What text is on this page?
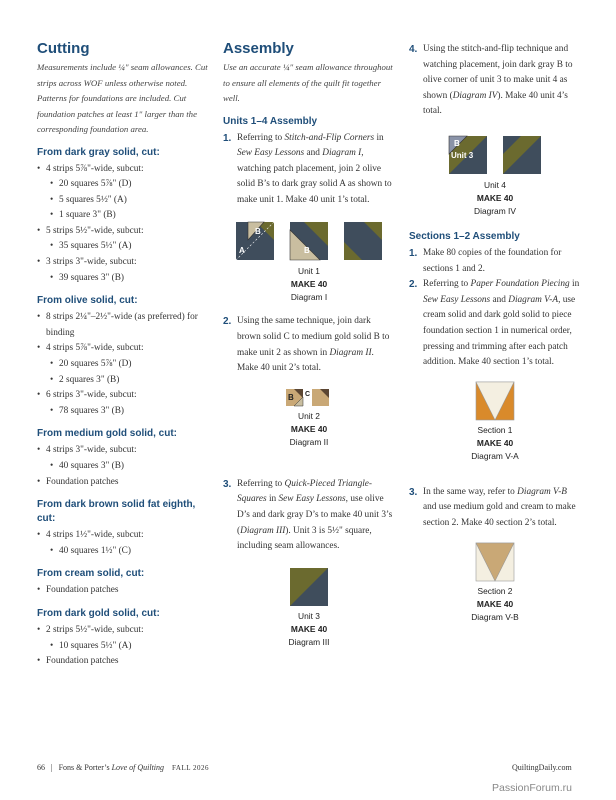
Cutting

Measurements include ¼" seam allowances. Cut strips across WOF unless otherwise noted. Patterns for foundations are included. Cut foundation patches at least 1" larger than the corresponding foundation area.

From dark gray solid, cut:
• 4 strips 5⅞"-wide, subcut:
• 20 squares 5⅞" (D)
• 5 squares 5½" (A)
• 1 square 3" (B)
• 5 strips 5½"-wide, subcut:
• 35 squares 5½" (A)
• 3 strips 3"-wide, subcut:
• 39 squares 3" (B)
From olive solid, cut:
• 8 strips 2¼"–2½"-wide (as preferred) for binding
• 4 strips 5⅞"-wide, subcut:
• 20 squares 5⅞" (D)
• 2 squares 3" (B)
• 6 strips 3"-wide, subcut:
• 78 squares 3" (B)
From medium gold solid, cut:
• 4 strips 3"-wide, subcut:
• 40 squares 3" (B)
• Foundation patches
From dark brown solid fat eighth, cut:
• 4 strips 1½"-wide, subcut:
• 40 squares 1½" (C)
From cream solid, cut:
• Foundation patches
From dark gold solid, cut:
• 2 strips 5½"-wide, subcut:
• 10 squares 5½" (A)
• Foundation patches
Assembly

Use an accurate ¼" seam allowance throughout to ensure all elements of the quilt fit together well.

Units 1–4 Assembly
1. Referring to Stitch-and-Flip Corners in Sew Easy Lessons and Diagram I, watching patch placement, join 2 olive solid B’s to dark gray solid A as shown to make unit 1. Make 40 unit 1’s total.
B
A	B
Unit 1
MAKE 40
Diagram I
2. Using the same technique, join dark brown solid C to medium gold solid B to make unit 2 as shown in Diagram II. Make 40 unit 2’s total.
B C
Unit 2
MAKE 40
Diagram II
3. Referring to Quick-Pieced Triangle-Squares in Sew Easy Lessons, use olive D’s and dark gray D’s to make 40 unit 3’s (Diagram III). Unit 3 is 5½" square, including seam allowances.
Unit 3
MAKE 40
Diagram III
4. Using the stitch-and-flip technique and watching placement, join dark gray B to olive corner of unit 3 to make unit 4 as shown (Diagram IV). Make 40 unit 4’s total.
B
Unit 3
Unit 4
MAKE 40
Diagram IV
Sections 1–2 Assembly
1. Make 80 copies of the foundation for sections 1 and 2.
2. Referring to Paper Foundation Piecing in Sew Easy Lessons and Diagram V-A, use cream solid and dark gold solid to piece foundation section 1 in numerical order, pressing and trimming after each patch addition. Make 40 section 1’s total.
Section 1
MAKE 40
Diagram V-A
3. In the same way, refer to Diagram V-B and use medium gold and cream to make section 2. Make 40 section 2’s total.
Section 2
MAKE 40
Diagram V-B
66 | Fons & Porter’s Love of Quilting FALL 2026	QuiltingDaily.com
PassionForum.ru
